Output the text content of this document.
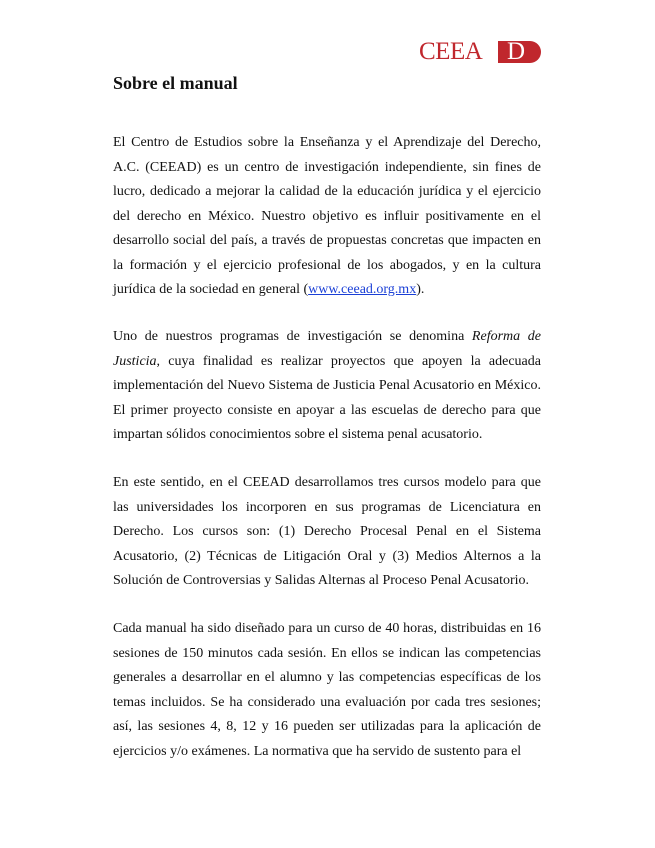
CEEA D
Sobre el manual

El Centro de Estudios sobre la Enseñanza y el Aprendizaje del Derecho, A.C. (CEEAD) es un centro de investigación independiente, sin fines de lucro, dedicado a mejorar la calidad de la educación jurídica y el ejercicio del derecho en México. Nuestro objetivo es influir positivamente en el desarrollo social del país, a través de propuestas concretas que impacten en la formación y el ejercicio profesional de los abogados, y en la cultura jurídica de la sociedad en general (www.ceead.org.mx).

Uno de nuestros programas de investigación se denomina Reforma de Justicia, cuya finalidad es realizar proyectos que apoyen la adecuada implementación del Nuevo Sistema de Justicia Penal Acusatorio en México. El primer proyecto consiste en apoyar a las escuelas de derecho para que impartan sólidos conocimientos sobre el sistema penal acusatorio.

En este sentido, en el CEEAD desarrollamos tres cursos modelo para que las universidades los incorporen en sus programas de Licenciatura en Derecho. Los cursos son: (1) Derecho Procesal Penal en el Sistema Acusatorio, (2) Técnicas de Litigación Oral y (3) Medios Alternos a la Solución de Controversias y Salidas Alternas al Proceso Penal Acusatorio.

Cada manual ha sido diseñado para un curso de 40 horas, distribuidas en 16 sesiones de 150 minutos cada sesión. En ellos se indican las competencias generales a desarrollar en el alumno y las competencias específicas de los temas incluidos. Se ha considerado una evaluación por cada tres sesiones; así, las sesiones 4, 8, 12 y 16 pueden ser utilizadas para la aplicación de ejercicios y/o exámenes. La normativa que ha servido de sustento para el
